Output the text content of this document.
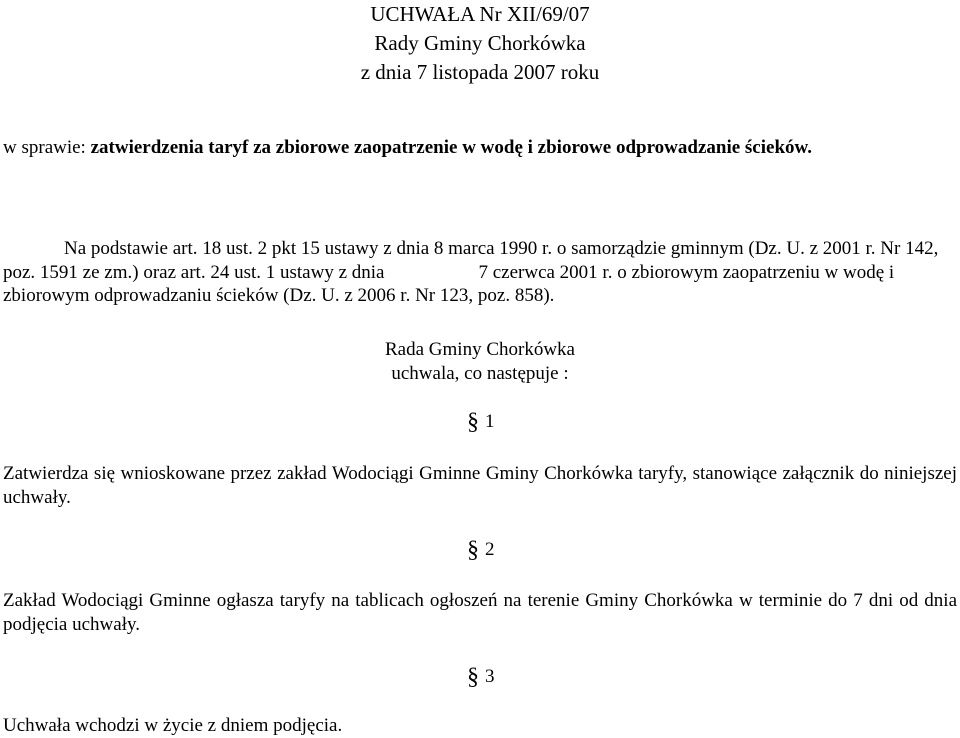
UCHWAŁA Nr XII/69/07
Rady Gminy Chorkówka
z dnia 7 listopada 2007 roku
w sprawie: zatwierdzenia taryf za zbiorowe zaopatrzenie w wodę i zbiorowe odprowadzanie ścieków.
Na podstawie art. 18 ust. 2 pkt 15 ustawy z dnia 8 marca 1990 r. o samorządzie gminnym (Dz. U. z 2001 r. Nr 142, poz. 1591 ze zm.) oraz art. 24 ust. 1 ustawy z dnia	7 czerwca 2001 r. o zbiorowym zaopatrzeniu w wodę i zbiorowym odprowadzaniu ścieków (Dz. U. z 2006 r. Nr 123, poz. 858).
Rada Gminy Chorkówka
uchwala, co następuje :
§ 1
Zatwierdza się wnioskowane przez zakład Wodociągi Gminne Gminy Chorkówka taryfy, stanowiące załącznik do niniejszej uchwały.
§ 2
Zakład Wodociągi Gminne ogłasza taryfy na tablicach ogłoszeń na terenie Gminy Chorkówka w terminie do 7 dni od dnia podjęcia uchwały.
§ 3
Uchwała wchodzi w życie z dniem podjęcia.
